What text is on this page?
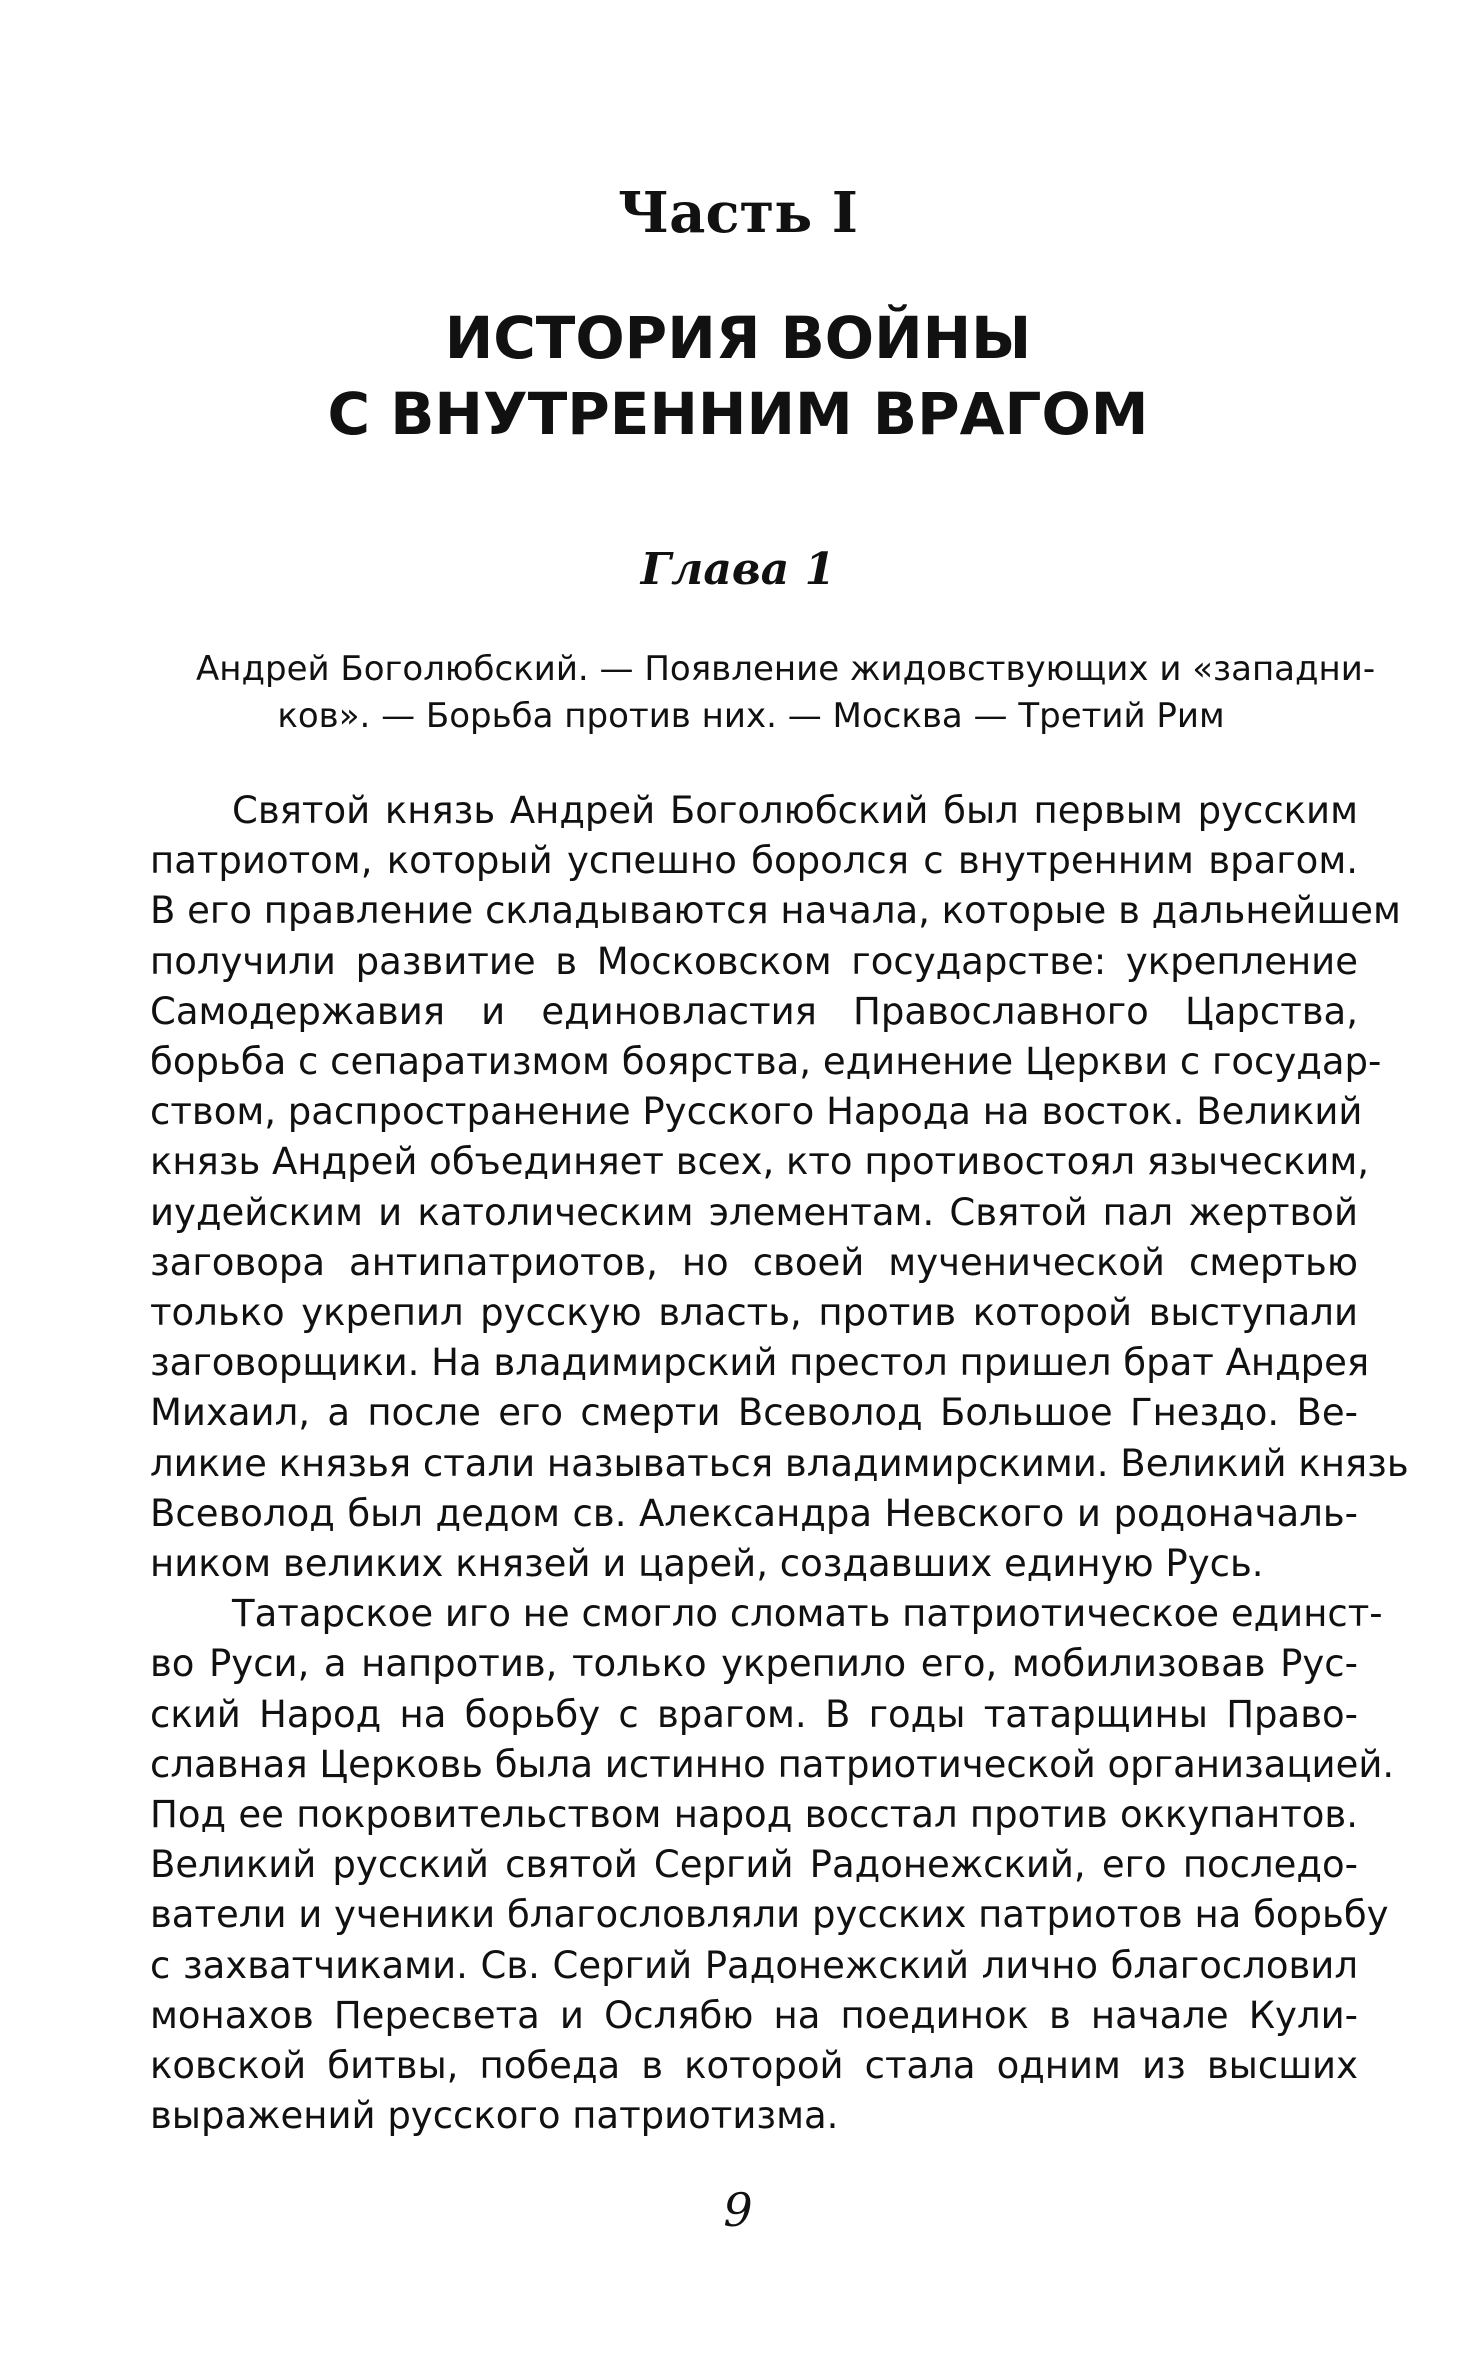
Часть I
ИСТОРИЯ ВОЙНЫ
С ВНУТРЕННИМ ВРАГОМ
Глава 1
Андрей Боголюбский. — Появление жидовствующих и «западни-
ков». — Борьба против них. — Москва — Третий Рим
Святой князь Андрей Боголюбский был первым русским
патриотом, который успешно боролся с внутренним врагом.
В его правление складываются начала, которые в дальнейшем
получили развитие в Московском государстве: укрепление
Самодержавия и единовластия Православного Царства,
борьба с сепаратизмом боярства, единение Церкви с государ-
ством, распространение Русского Народа на восток. Великий
князь Андрей объединяет всех, кто противостоял языческим,
иудейским и католическим элементам. Святой пал жертвой
заговора антипатриотов, но своей мученической смертью
только укрепил русскую власть, против которой выступали
заговорщики. На владимирский престол пришел брат Андрея
Михаил, а после его смерти Всеволод Большое Гнездо. Ве-
ликие князья стали называться владимирскими. Великий князь
Всеволод был дедом св. Александра Невского и родоначаль-
ником великих князей и царей, создавших единую Русь.
Татарское иго не смогло сломать патриотическое единст-
во Руси, а напротив, только укрепило его, мобилизовав Рус-
ский Народ на борьбу с врагом. В годы татарщины Право-
славная Церковь была истинно патриотической организацией.
Под ее покровительством народ восстал против оккупантов.
Великий русский святой Сергий Радонежский, его последо-
ватели и ученики благословляли русских патриотов на борьбу
с захватчиками. Св. Сергий Радонежский лично благословил
монахов Пересвета и Ослябю на поединок в начале Кули-
ковской битвы, победа в которой стала одним из высших
выражений русского патриотизма.
9
